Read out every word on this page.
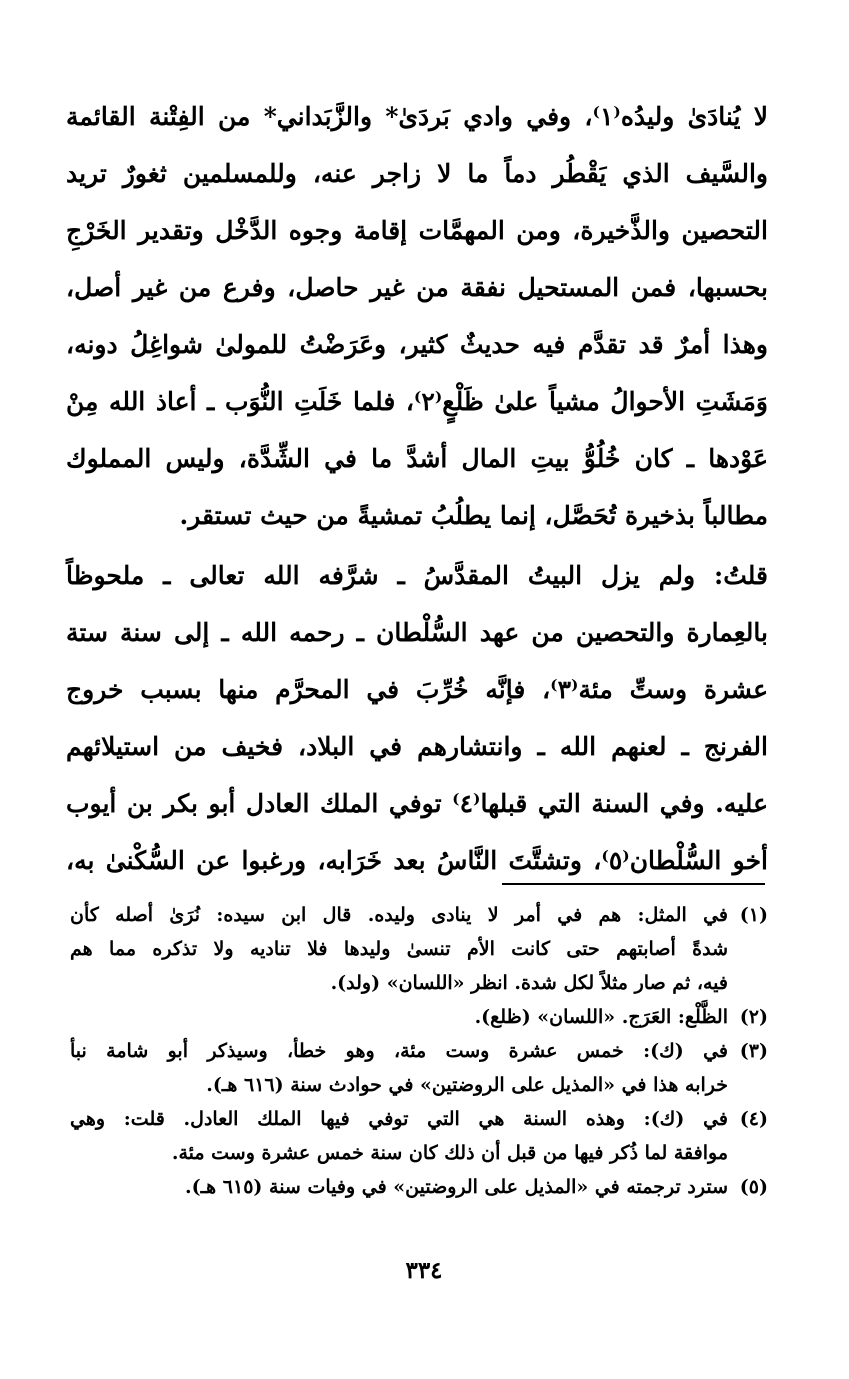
لا يُنادَىٰ وليدُه⁽١⁾، وفي وادي بَردَىٰ* والزَّبَداني* من الفِتْنة القائمة
والسَّيف الذي يَقْطُر دماً ما لا زاجر عنه، وللمسلمين ثغورٌ تريد
التحصين والذَّخيرة، ومن المهمَّات إقامة وجوه الدَّخْل وتقدير الخَرْجِ
بحسبها، فمن المستحيل نفقة من غير حاصل، وفرع من غير أصل،
وهذا أمرٌ قد تقدَّم فيه حديثٌ كثير، وعَرَضْتُ للمولىٰ شواغِلُ دونه،
وَمَشَتِ الأحوالُ مشياً علىٰ ظَلْعٍ⁽٢⁾، فلما خَلَتِ النُّوَب ـ أعاذ الله مِنْ
عَوْدها ـ كان خُلُوُّ بيتِ المال أشدَّ ما في الشِّدَّة، وليس المملوك
مطالباً بذخيرة تُحَصَّل، إنما يطلُبُ تمشيةً من حيث تستقر.
قلتُ: ولم يزل البيتُ المقدَّسُ ـ شرَّفه الله تعالى ـ ملحوظاً
بالعِمارة والتحصين من عهد السُّلْطان ـ رحمه الله ـ إلى سنة ستة
عشرة وستِّ مئة⁽٣⁾، فإنَّه خُرِّبَ في المحرَّم منها بسبب خروج
الفرنج ـ لعنهم الله ـ وانتشارهم في البلاد، فخيف من استيلائهم
عليه. وفي السنة التي قبلها⁽٤⁾ توفي الملك العادل أبو بكر بن أيوب
أخو السُّلْطان⁽٥⁾، وتشتَّتَ النَّاسُ بعد خَرَابه، ورغبوا عن السُّكْنىٰ به،
(١)
في المثل: هم في أمر لا ينادى وليده. قال ابن سيده: نُرَىٰ أصله كأن
شدةً أصابتهم حتى كانت الأم تنسىٰ وليدها فلا تناديه ولا تذكره مما هم
فيه، ثم صار مثلاً لكل شدة. انظر «اللسان» (ولد).
(٢)
الظَّلْع: العَرَج. «اللسان» (ظلع).
(٣)
في (ك): خمس عشرة وست مئة، وهو خطأ، وسيذكر أبو شامة نبأ
خرابه هذا في «المذيل على الروضتين» في حوادث سنة (٦١٦ هـ).
(٤)
في (ك): وهذه السنة هي التي توفي فيها الملك العادل. قلت: وهي
موافقة لما ذُكر فيها من قبل أن ذلك كان سنة خمس عشرة وست مئة.
(٥)
سترد ترجمته في «المذيل على الروضتين» في وفيات سنة (٦١٥ هـ).
٣٣٤
